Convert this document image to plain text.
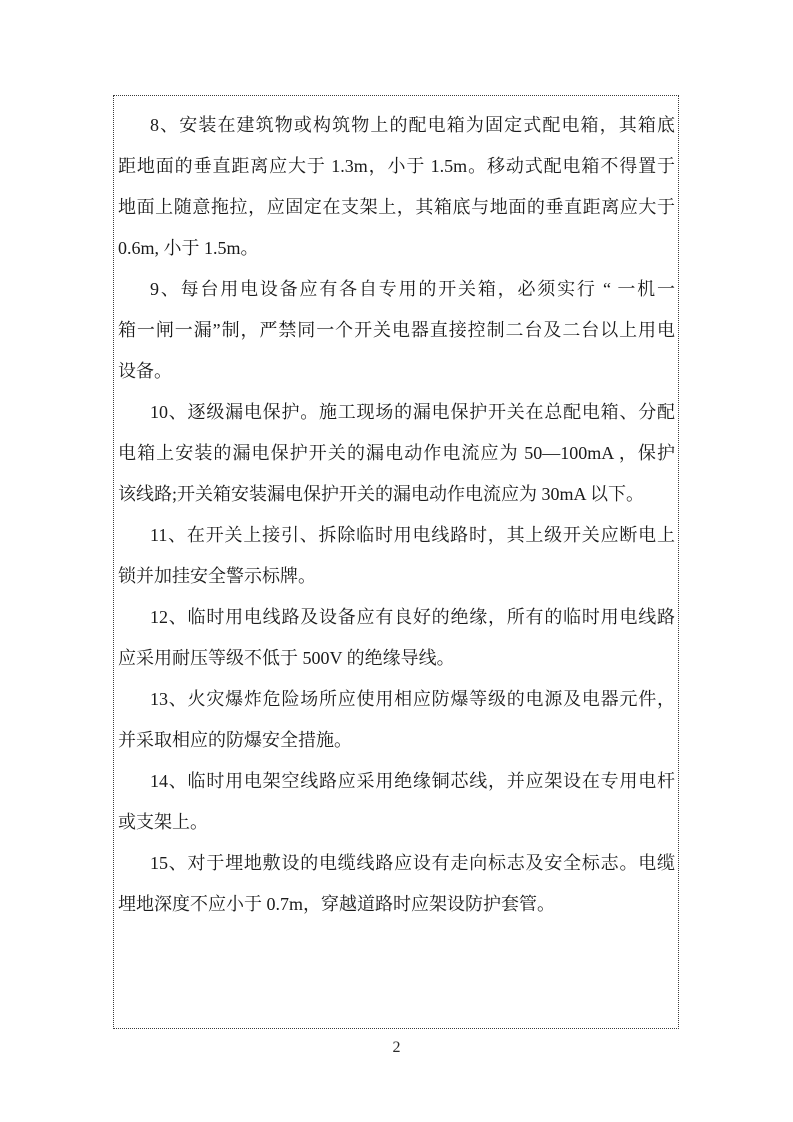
8、安装在建筑物或构筑物上的配电箱为固定式配电箱，其箱底
距地面的垂直距离应大于 1.3m，小于 1.5m。移动式配电箱不得置于
地面上随意拖拉，应固定在支架上，其箱底与地面的垂直距离应大于
0.6m, 小于 1.5m。
9、每台用电设备应有各自专用的开关箱，必须实行 “ 一机一
箱一闸一漏”制，严禁同一个开关电器直接控制二台及二台以上用电
设备。
10、逐级漏电保护。施工现场的漏电保护开关在总配电箱、分配
电箱上安装的漏电保护开关的漏电动作电流应为 50—100mA ，保护
该线路;开关箱安装漏电保护开关的漏电动作电流应为 30mA 以下。
11、在开关上接引、拆除临时用电线路时，其上级开关应断电上
锁并加挂安全警示标牌。
12、临时用电线路及设备应有良好的绝缘，所有的临时用电线路
应采用耐压等级不低于 500V 的绝缘导线。
13、火灾爆炸危险场所应使用相应防爆等级的电源及电器元件，
并采取相应的防爆安全措施。
14、临时用电架空线路应采用绝缘铜芯线，并应架设在专用电杆
或支架上。
15、对于埋地敷设的电缆线路应设有走向标志及安全标志。电缆
埋地深度不应小于 0.7m，穿越道路时应架设防护套管。
2
